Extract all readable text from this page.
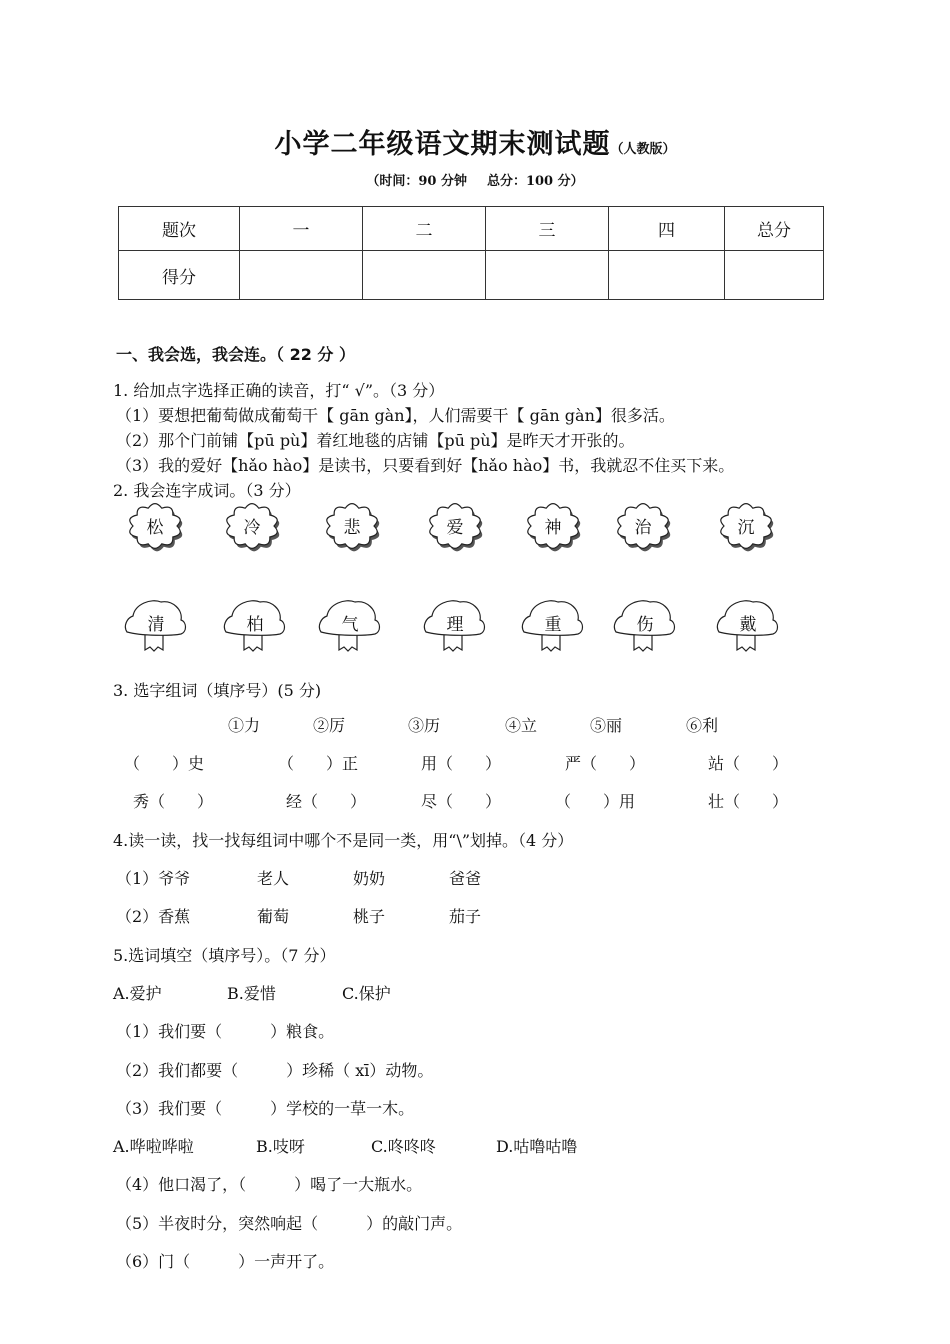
小学二年级语文期末测试题（人教版）
（时间：90 分钟 总分：100 分）
题次	一	二	三	四	总分
得分					
一、我会选，我会连。（ 22 分 ）
1. 给加点字选择正确的读音，打“ √”。（3 分）
（1）要想把葡萄做成葡萄干【 gān gàn】，人们需要干【 gān gàn】很多活。
（2）那个门前铺【pū pù】着红地毯的店铺【pū pù】是昨天才开张的。
（3）我的爱好【hǎo hào】是读书，只要看到好【hǎo hào】书，我就忍不住买下来。
2. 我会连字成词。（3 分）
松	冷	悲	爱	神	治	沉
清	柏	气	理	重	伤	戴
3. 选字组词（填序号）(5 分)
①力	②厉	③历	④立	⑤丽	⑥利
（　　）史	（　　）正	用（　　）	严（　　）	站（　　）
秀（　　）	经（　　）	尽（　　）	（　　）用	壮（　　）
4.读一读，找一找每组词中哪个不是同一类，用“\”划掉。（4 分）
（1）爷爷	老人	奶奶	爸爸
（2）香蕉	葡萄	桃子	茄子
5.选词填空（填序号）。（7 分）
A.爱护	B.爱惜	C.保护
（1）我们要（　　　）粮食。
（2）我们都要（　　　）珍稀（ xī）动物。
（3）我们要（　　　）学校的一草一木。
A.哗啦哗啦	B.吱呀	C.咚咚咚	D.咕噜咕噜
（4）他口渴了，（　　　）喝了一大瓶水。
（5）半夜时分，突然响起（　　　）的敲门声。
（6）门（　　　）一声开了。
